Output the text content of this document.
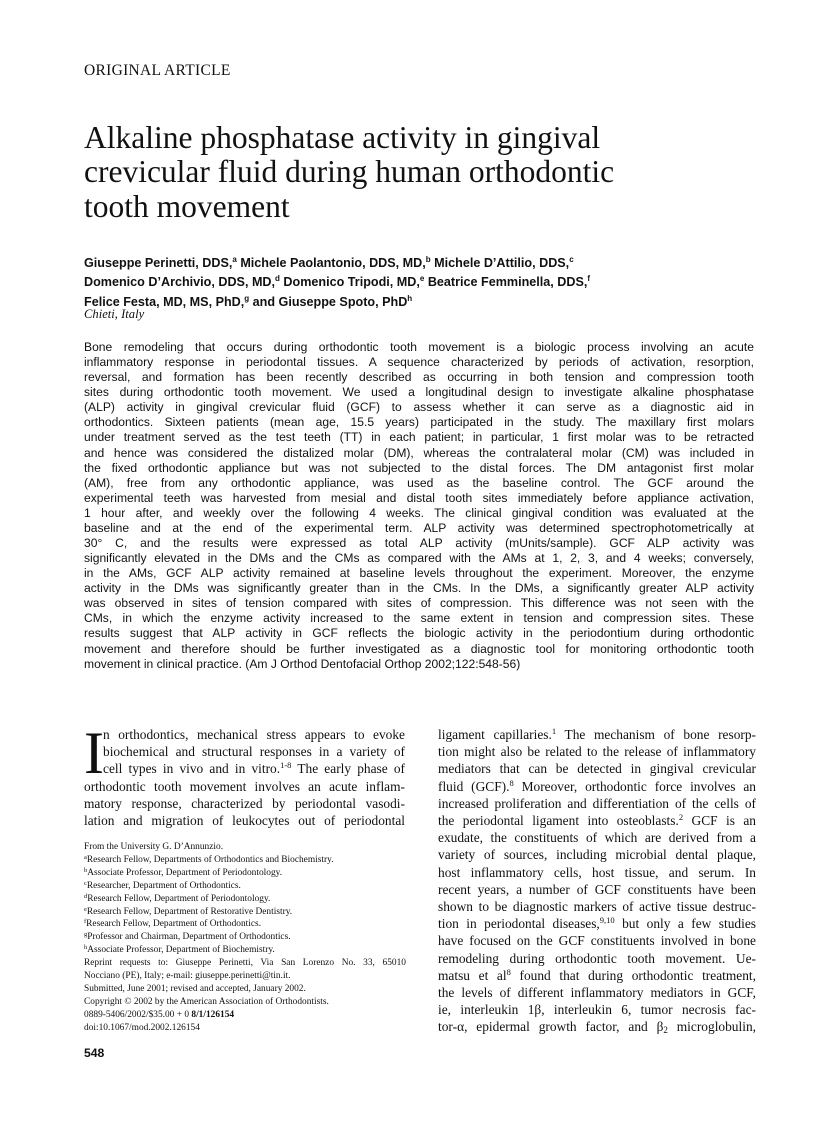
ORIGINAL ARTICLE
Alkaline phosphatase activity in gingival
crevicular fluid during human orthodontic
tooth movement
Giuseppe Perinetti, DDS,$^a$ Michele Paolantonio, DDS, MD,$^b$ Michele D’Attilio, DDS,$^c$
Domenico D’Archivio, DDS, MD,$^d$ Domenico Tripodi, MD,$^e$ Beatrice Femminella, DDS,$^f$
Felice Festa, MD, MS, PhD,$^g$ and Giuseppe Spoto, PhD$^h$
Chieti, Italy
Bone remodeling that occurs during orthodontic tooth movement is a biologic process involving an acute
inflammatory response in periodontal tissues. A sequence characterized by periods of activation, resorption,
reversal, and formation has been recently described as occurring in both tension and compression tooth
sites during orthodontic tooth movement. We used a longitudinal design to investigate alkaline phosphatase
(ALP) activity in gingival crevicular fluid (GCF) to assess whether it can serve as a diagnostic aid in
orthodontics. Sixteen patients (mean age, 15.5 years) participated in the study. The maxillary first molars
under treatment served as the test teeth (TT) in each patient; in particular, 1 first molar was to be retracted
and hence was considered the distalized molar (DM), whereas the contralateral molar (CM) was included in
the fixed orthodontic appliance but was not subjected to the distal forces. The DM antagonist first molar
(AM), free from any orthodontic appliance, was used as the baseline control. The GCF around the
experimental teeth was harvested from mesial and distal tooth sites immediately before appliance activation,
1 hour after, and weekly over the following 4 weeks. The clinical gingival condition was evaluated at the
baseline and at the end of the experimental term. ALP activity was determined spectrophotometrically at
30° C, and the results were expressed as total ALP activity (mUnits/sample). GCF ALP activity was
significantly elevated in the DMs and the CMs as compared with the AMs at 1, 2, 3, and 4 weeks; conversely,
in the AMs, GCF ALP activity remained at baseline levels throughout the experiment. Moreover, the enzyme
activity in the DMs was significantly greater than in the CMs. In the DMs, a significantly greater ALP activity
was observed in sites of tension compared with sites of compression. This difference was not seen with the
CMs, in which the enzyme activity increased to the same extent in tension and compression sites. These
results suggest that ALP activity in GCF reflects the biologic activity in the periodontium during orthodontic
movement and therefore should be further investigated as a diagnostic tool for monitoring orthodontic tooth
movement in clinical practice. (Am J Orthod Dentofacial Orthop 2002;122:548-56)
I n orthodontics, mechanical stress appears to evoke
biochemical and structural responses in a variety of
cell types in vivo and in vitro.$^{1-8}$ The early phase of
orthodontic tooth movement involves an acute inflam-
matory response, characterized by periodontal vasodi-
lation and migration of leukocytes out of periodontal
From the University G. D’Annunzio.
$^a$Research Fellow, Departments of Orthodontics and Biochemistry.
$^b$Associate Professor, Department of Periodontology.
$^c$Researcher, Department of Orthodontics.
$^d$Research Fellow, Department of Periodontology.
$^e$Research Fellow, Department of Restorative Dentistry.
$^f$Research Fellow, Department of Orthodontics.
$^g$Professor and Chairman, Department of Orthodontics.
$^h$Associate Professor, Department of Biochemistry.
Reprint requests to: Giuseppe Perinetti, Via San Lorenzo No. 33, 65010
Nocciano (PE), Italy; e-mail: giuseppe.perinetti@tin.it.
Submitted, June 2001; revised and accepted, January 2002.
Copyright © 2002 by the American Association of Orthodontists.
0889-5406/2002/$35.00 + 0 8/1/126154
doi:10.1067/mod.2002.126154
ligament capillaries.$^1$ The mechanism of bone resorp-
tion might also be related to the release of inflammatory
mediators that can be detected in gingival crevicular
fluid (GCF).$^8$ Moreover, orthodontic force involves an
increased proliferation and differentiation of the cells of
the periodontal ligament into osteoblasts.$^2$ GCF is an
exudate, the constituents of which are derived from a
variety of sources, including microbial dental plaque,
host inflammatory cells, host tissue, and serum. In
recent years, a number of GCF constituents have been
shown to be diagnostic markers of active tissue destruc-
tion in periodontal diseases,$^{9,10}$ but only a few studies
have focused on the GCF constituents involved in bone
remodeling during orthodontic tooth movement. Ue-
matsu et $al^8$ found that during orthodontic treatment,
the levels of different inflammatory mediators in GCF,
ie, interleukin 1β, interleukin 6, tumor necrosis fac-
tor-α, epidermal growth factor, and $\beta_2$ microglobulin,
548
